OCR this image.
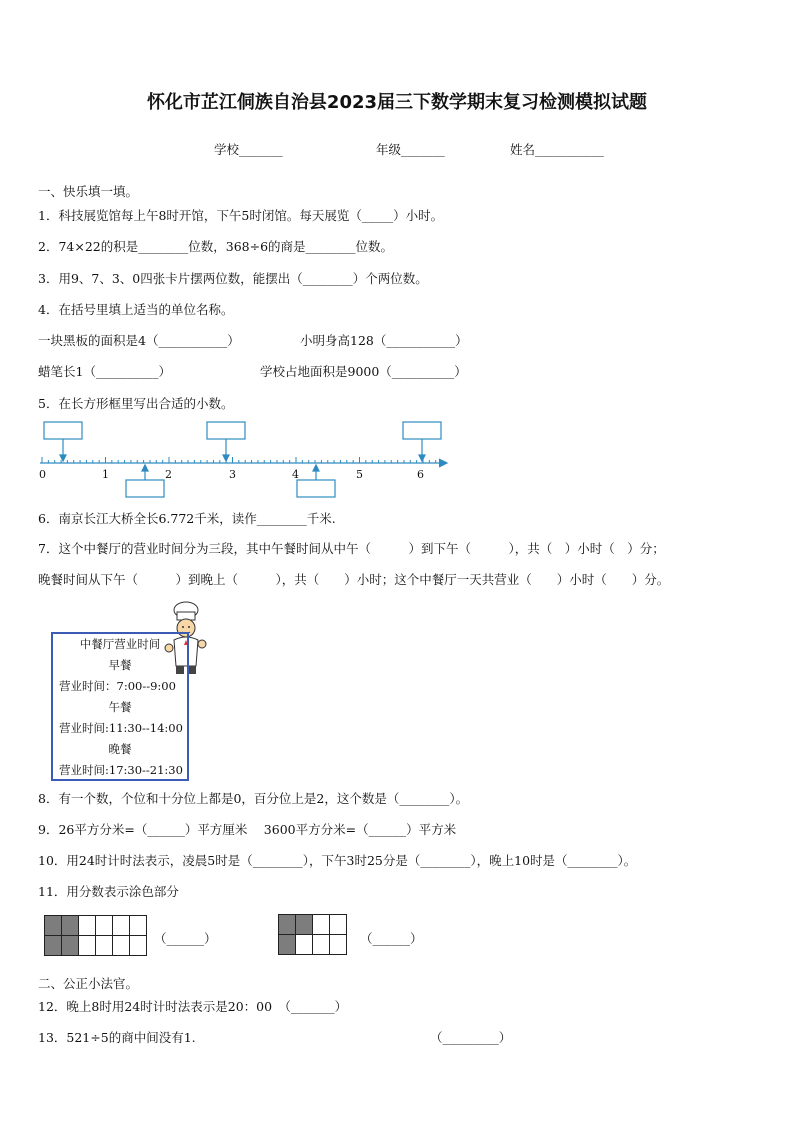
怀化市芷江侗族自治县2023届三下数学期末复习检测模拟试题
学校_______	年级_______	姓名___________
一、快乐填一填。
1．科技展览馆每上午8时开馆，下午5时闭馆。每天展览（_____）小时。
2．74×22的积是________位数，368÷6的商是________位数。
3．用9、7、3、0四张卡片摆两位数，能摆出（________）个两位数。
4．在括号里填上适当的单位名称。
一块黑板的面积是4（___________）	小明身高128（___________）
蜡笔长1（__________）	学校占地面积是9000（__________）
5．在长方形框里写出合适的小数。
0	1	2	3	4	5	6
6．南京长江大桥全长6.772千米，读作________千米.
7．这个中餐厅的营业时间分为三段，其中午餐时间从中午（　　　）到下午（　　　），共（　）小时（　）分；
晚餐时间从下午（　　　）到晚上（　　　），共（　　）小时；这个中餐厅一天共营业（　　）小时（　　）分。
中餐厅营业时间
早餐
营业时间：7:00--9:00
午餐
营业时间:11:30--14:00
晚餐
营业时间:17:30--21:30
8．有一个数，个位和十分位上都是0，百分位上是2，这个数是（________）。
9．26平方分米=（______）平方厘米　 3600平方分米=（______）平方米
10．用24时计时法表示，凌晨5时是（________），下午3时25分是（________），晚上10时是（________）。
11．用分数表示涂色部分

（______）

				（______）
二、公正小法官。
12．晚上8时用24时计时法表示是20：00　（_______）
13．521÷5的商中间没有1.	（_________）
